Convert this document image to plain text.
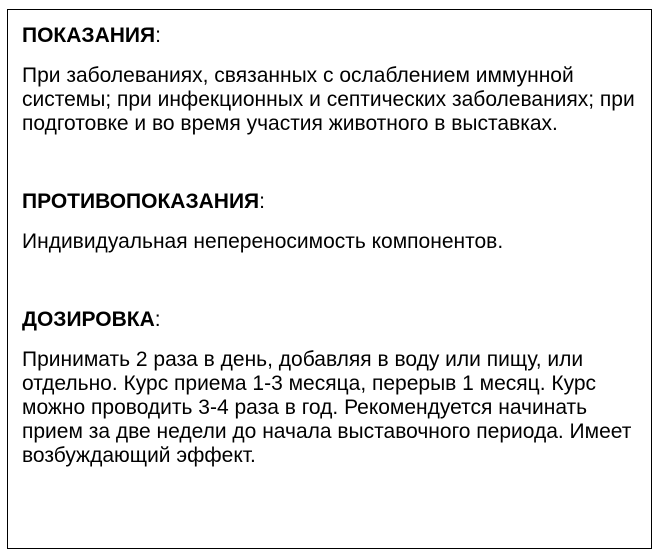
ПОКАЗАНИЯ:

При заболеваниях, связанных с ослаблением иммунной системы; при инфекционных и септических заболеваниях; при подготовке и во время участия животного в выставках.

ПРОТИВОПОКАЗАНИЯ:

Индивидуальная непереносимость компонентов.

ДОЗИРОВКА:

Принимать 2 раза в день, добавляя в воду или пищу, или отдельно. Курс приема 1-3 месяца, перерыв 1 месяц. Курс можно проводить 3-4 раза в год. Рекомендуется начинать прием за две недели до начала выставочного периода. Имеет возбуждающий эффект.
